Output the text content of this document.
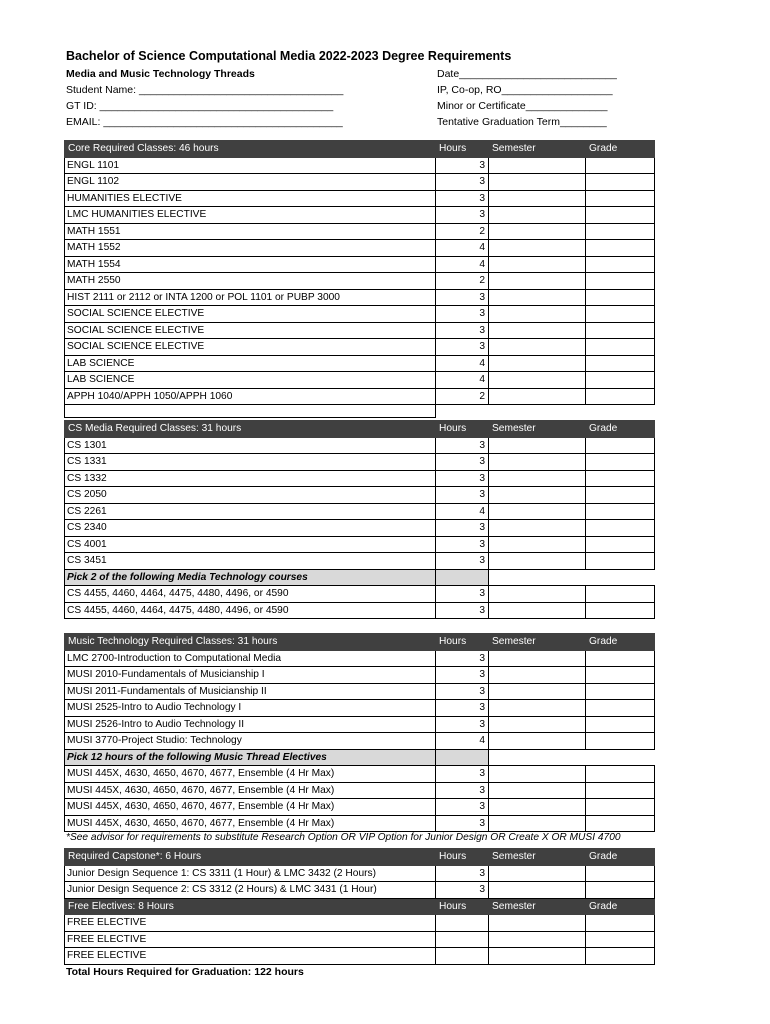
Bachelor of Science Computational Media 2022-2023 Degree Requirements
Media and Music Technology Threads
Student Name: ___________________________________
GT ID: ________________________________________
EMAIL: _________________________________________
Date___________________________
IP, Co-op, RO___________________
Minor or Certificate______________
Tentative Graduation Term________
Core Required Classes: 46 hours	Hours	Semester	Grade
ENGL 1101	3		
ENGL 1102	3		
HUMANITIES ELECTIVE	3		
LMC HUMANITIES ELECTIVE	3		
MATH 1551	2		
MATH 1552	4		
MATH 1554	4		
MATH 2550	2		
HIST 2111 or 2112 or INTA 1200 or POL 1101 or PUBP 3000	3		
SOCIAL SCIENCE ELECTIVE	3		
SOCIAL SCIENCE ELECTIVE	3		
SOCIAL SCIENCE ELECTIVE	3		
LAB SCIENCE	4		
LAB SCIENCE	4		
APPH 1040/APPH 1050/APPH 1060	2		

CS Media Required Classes: 31 hours	Hours	Semester	Grade
CS 1301	3		
CS 1331	3		
CS 1332	3		
CS 2050	3		
CS 2261	4		
CS 2340	3		
CS 4001	3		
CS 3451	3		
Pick 2 of the following Media Technology courses			
CS 4455, 4460, 4464, 4475, 4480, 4496, or 4590	3		
CS 4455, 4460, 4464, 4475, 4480, 4496, or 4590	3		
Music Technology Required Classes: 31 hours	Hours	Semester	Grade
LMC 2700-Introduction to Computational Media	3		
MUSI 2010-Fundamentals of Musicianship I	3		
MUSI 2011-Fundamentals of Musicianship II	3		
MUSI 2525-Intro to Audio Technology I	3		
MUSI 2526-Intro to Audio Technology II	3		
MUSI 3770-Project Studio: Technology	4		
Pick 12 hours of the following Music Thread Electives			
MUSI 445X, 4630, 4650, 4670, 4677, Ensemble (4 Hr Max)	3		
MUSI 445X, 4630, 4650, 4670, 4677, Ensemble (4 Hr Max)	3		
MUSI 445X, 4630, 4650, 4670, 4677, Ensemble (4 Hr Max)	3		
MUSI 445X, 4630, 4650, 4670, 4677, Ensemble (4 Hr Max)	3		
*See advisor for requirements to substitute Research Option OR VIP Option for Junior Design OR Create X OR MUSI 4700
Required Capstone*: 6 Hours	Hours	Semester	Grade
Junior Design Sequence 1: CS 3311 (1 Hour) & LMC 3432 (2 Hours)	3		
Junior Design Sequence 2: CS 3312 (2 Hours) & LMC 3431 (1 Hour)	3		
Free Electives: 8 Hours	Hours	Semester	Grade
FREE ELECTIVE			
FREE ELECTIVE			
FREE ELECTIVE			
Total Hours Required for Graduation: 122 hours
